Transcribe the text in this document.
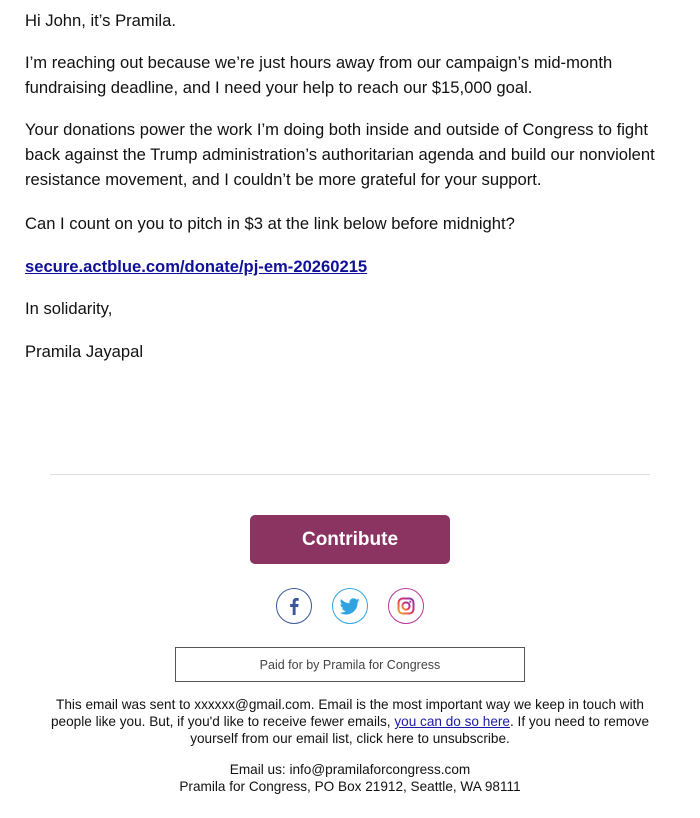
Hi John, it’s Pramila.

I’m reaching out because we’re just hours away from our campaign’s mid-month fundraising deadline, and I need your help to reach our $15,000 goal.

Your donations power the work I’m doing both inside and outside of Congress to fight back against the Trump administration’s authoritarian agenda and build our nonviolent resistance movement, and I couldn’t be more grateful for your support.

Can I count on you to pitch in $3 at the link below before midnight?

secure.actblue.com/donate/pj-em-20260215

In solidarity,

Pramila Jayapal

Contribute
Paid for by Pramila for Congress
This email was sent to xxxxxx@gmail.com. Email is the most important way we keep in touch with people like you. But, if you'd like to receive fewer emails, you can do so here. If you need to remove yourself from our email list, click here to unsubscribe.
Email us: info@pramilaforcongress.com
Pramila for Congress, PO Box 21912, Seattle, WA 98111
